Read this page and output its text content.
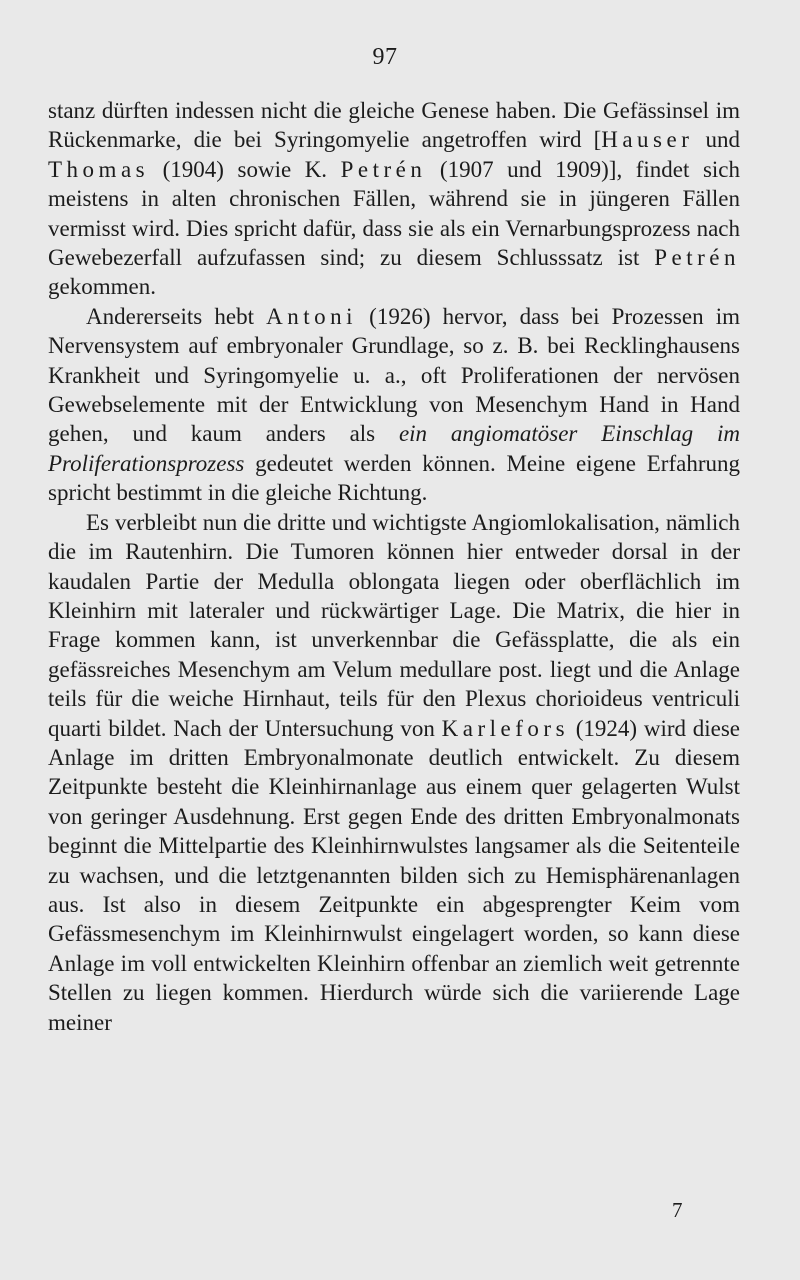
97

stanz dürften indessen nicht die gleiche Genese haben. Die Gefässinsel im Rückenmarke, die bei Syringomyelie angetroffen wird [Hauser und Thomas (1904) sowie K. Petrén (1907 und 1909)], findet sich meistens in alten chronischen Fällen, während sie in jüngeren Fällen vermisst wird. Dies spricht dafür, dass sie als ein Vernarbungsprozess nach Gewebezerfall aufzufassen sind; zu diesem Schlusssatz ist Petrén gekommen.

Andererseits hebt Antoni (1926) hervor, dass bei Prozessen im Nervensystem auf embryonaler Grundlage, so z. B. bei Recklinghausens Krankheit und Syringomyelie u. a., oft Proliferationen der nervösen Gewebselemente mit der Entwicklung von Mesenchym Hand in Hand gehen, und kaum anders als ein angiomatöser Einschlag im Proliferationsprozess gedeutet werden können. Meine eigene Erfahrung spricht bestimmt in die gleiche Richtung.

Es verbleibt nun die dritte und wichtigste Angiomlokalisation, nämlich die im Rautenhirn. Die Tumoren können hier entweder dorsal in der kaudalen Partie der Medulla oblongata liegen oder oberflächlich im Kleinhirn mit lateraler und rückwärtiger Lage. Die Matrix, die hier in Frage kommen kann, ist unverkennbar die Gefässplatte, die als ein gefässreiches Mesenchym am Velum medullare post. liegt und die Anlage teils für die weiche Hirnhaut, teils für den Plexus chorioideus ventriculi quarti bildet. Nach der Untersuchung von Karlefors (1924) wird diese Anlage im dritten Embryonalmonate deutlich entwickelt. Zu diesem Zeitpunkte besteht die Kleinhirnanlage aus einem quer gelagerten Wulst von geringer Ausdehnung. Erst gegen Ende des dritten Embryonalmonats beginnt die Mittelpartie des Kleinhirnwulstes langsamer als die Seitenteile zu wachsen, und die letztgenannten bilden sich zu Hemisphärenanlagen aus. Ist also in diesem Zeitpunkte ein abgesprengter Keim vom Gefässmesenchym im Kleinhirnwulst eingelagert worden, so kann diese Anlage im voll entwickelten Kleinhirn offenbar an ziemlich weit getrennte Stellen zu liegen kommen. Hierdurch würde sich die variierende Lage meiner

7
